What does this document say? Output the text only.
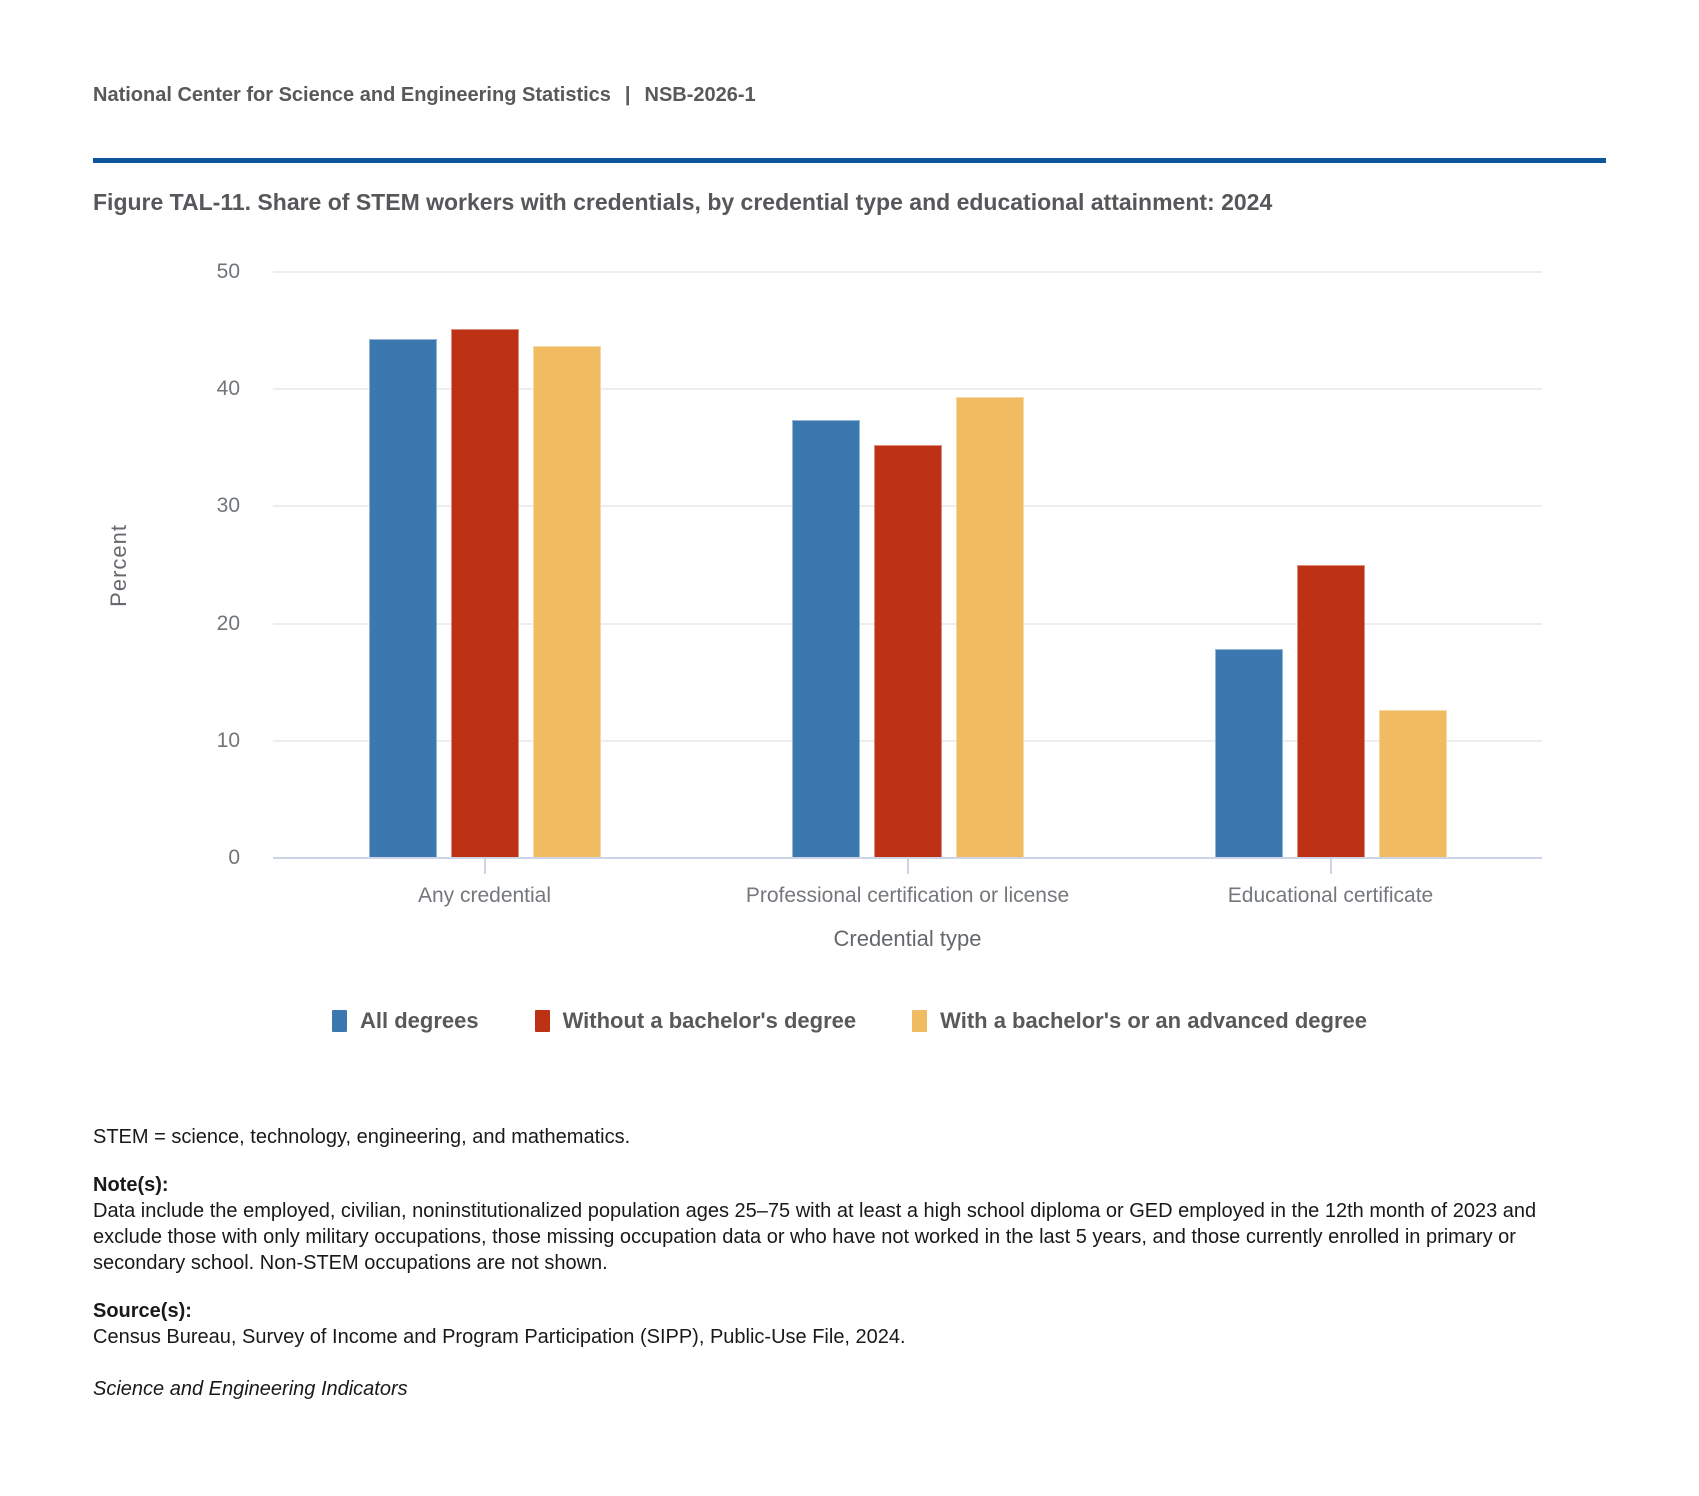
National Center for Science and Engineering Statistics | NSB-2026-1
Figure TAL-11. Share of STEM workers with credentials, by credential type and educational attainment: 2024
Percent
0
10
20
30
40
50
Any credential	Professional certification or license	Educational certificate
Credential type
All degrees	Without a bachelor's degree	With a bachelor's or an advanced degree
STEM = science, technology, engineering, and mathematics.
Note(s):
Data include the employed, civilian, noninstitutionalized population ages 25–75 with at least a high school diploma or GED employed in the 12th month of 2023 and exclude those with only military occupations, those missing occupation data or who have not worked in the last 5 years, and those currently enrolled in primary or secondary school. Non-STEM occupations are not shown.
Source(s):
Census Bureau, Survey of Income and Program Participation (SIPP), Public-Use File, 2024.
Science and Engineering Indicators
